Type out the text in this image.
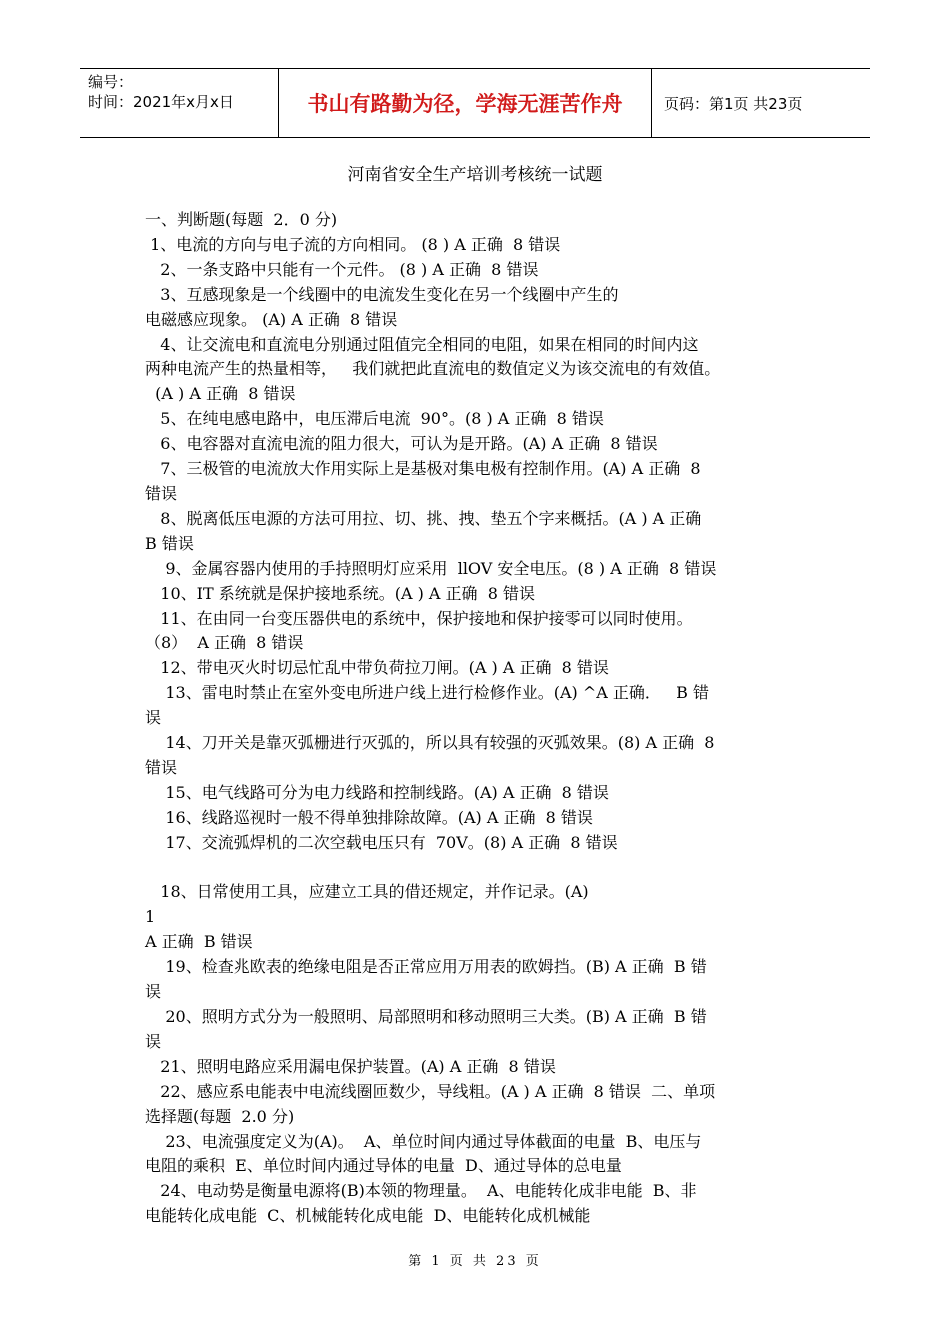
编号：
时间：2021年x月x日	书山有路勤为径，学海无涯苦作舟	页码：第1页 共23页
河南省安全生产培训考核统一试题

一、判断题(每题  2．0 分)

1、电流的方向与电子流的方向相同。 (8 ) A 正确  8 错误

2、一条支路中只能有一个元件。 (8 ) A 正确  8 错误

3、互感现象是一个线圈中的电流发生变化在另一个线圈中产生的

电磁感应现象。 (A) A 正确  8 错误

4、让交流电和直流电分别通过阻值完全相同的电阻，如果在相同的时间内这

两种电流产生的热量相等，   我们就把此直流电的数值定义为该交流电的有效值。

(A ) A 正确  8 错误

5、在纯电感电路中，电压滞后电流  90°。(8 ) A 正确  8 错误

6、电容器对直流电流的阻力很大，可认为是开路。(A) A 正确  8 错误

7、三极管的电流放大作用实际上是基极对集电极有控制作用。(A) A 正确  8

错误

8、脱离低压电源的方法可用拉、切、挑、拽、垫五个字来概括。(A ) A 正确

B 错误

9、金属容器内使用的手持照明灯应采用  llOV 安全电压。(8 ) A 正确  8 错误

10、IT 系统就是保护接地系统。(A ) A 正确  8 错误

11、在由同一台变压器供电的系统中，保护接地和保护接零可以同时使用。

（8）  A 正确  8 错误

12、带电灭火时切忌忙乱中带负荷拉刀闸。(A ) A 正确  8 错误

13、雷电时禁止在室外变电所进户线上进行检修作业。(A) ^A 正确．   B 错

误

14、刀开关是靠灭弧栅进行灭弧的，所以具有较强的灭弧效果。(8) A 正确  8

错误

15、电气线路可分为电力线路和控制线路。(A) A 正确  8 错误

16、线路巡视时一般不得单独排除故障。(A) A 正确  8 错误

17、交流弧焊机的二次空载电压只有  70V。(8) A 正确  8 错误

18、日常使用工具，应建立工具的借还规定，并作记录。(A)

1

A 正确  B 错误

19、检查兆欧表的绝缘电阻是否正常应用万用表的欧姆挡。(B) A 正确  B 错

误

20、照明方式分为一般照明、局部照明和移动照明三大类。(B) A 正确  B 错

误

21、照明电路应采用漏电保护装置。(A) A 正确  8 错误

22、感应系电能表中电流线圈匝数少，导线粗。(A ) A 正确  8 错误  二、单项

选择题(每题  2.0 分)

23、电流强度定义为(A)。  A、单位时间内通过导体截面的电量  B、电压与

电阻的乘积  E、单位时间内通过导体的电量  D、通过导体的总电量

24、电动势是衡量电源将(B)本领的物理量。  A、电能转化成非电能  B、非

电能转化成电能  C、机械能转化成电能  D、电能转化成机械能

第 1 页 共 23 页
